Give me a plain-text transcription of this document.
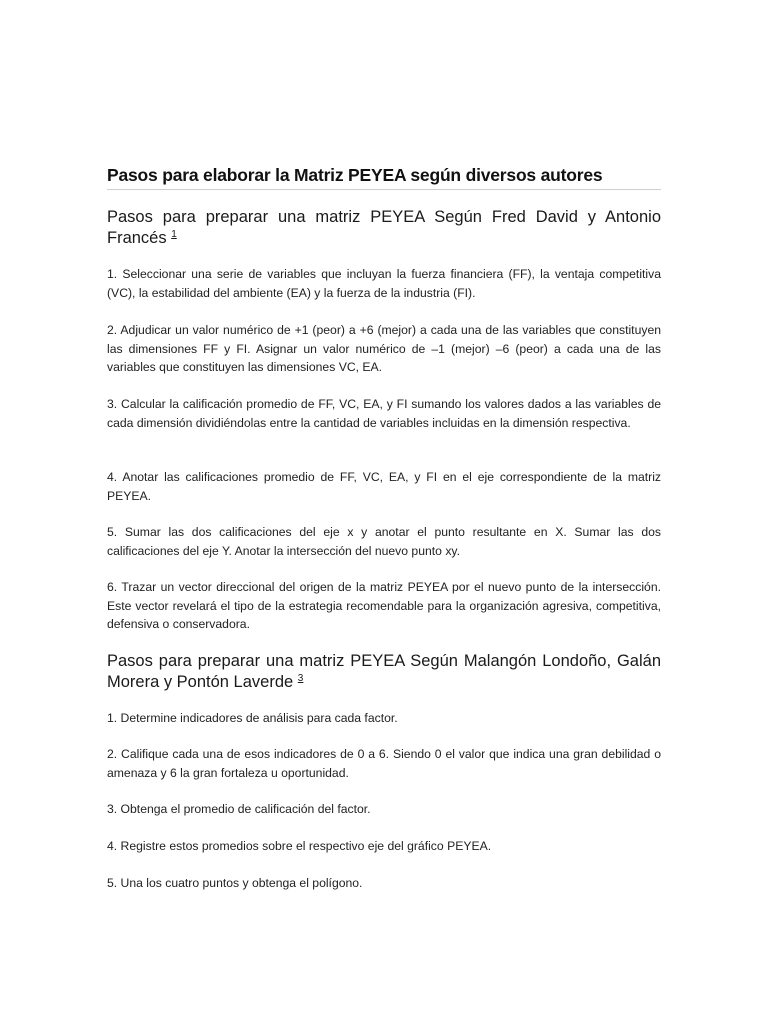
Pasos para elaborar la Matriz PEYEA según diversos autores
Pasos para preparar una matriz PEYEA Según Fred David y Antonio Francés $^1$

1. Seleccionar una serie de variables que incluyan la fuerza financiera (FF), la ventaja competitiva (VC), la estabilidad del ambiente (EA) y la fuerza de la industria (FI).

2. Adjudicar un valor numérico de +1 (peor) a +6 (mejor) a cada una de las variables que constituyen las dimensiones FF y FI. Asignar un valor numérico de –1 (mejor) –6 (peor) a cada una de las variables que constituyen las dimensiones VC, EA.

3. Calcular la calificación promedio de FF, VC, EA, y FI sumando los valores dados a las variables de cada dimensión dividiéndolas entre la cantidad de variables incluidas en la dimensión respectiva.

4. Anotar las calificaciones promedio de FF, VC, EA, y FI en el eje correspondiente de la matriz PEYEA.

5. Sumar las dos calificaciones del eje x y anotar el punto resultante en X. Sumar las dos calificaciones del eje Y. Anotar la intersección del nuevo punto xy.

6. Trazar un vector direccional del origen de la matriz PEYEA por el nuevo punto de la intersección. Este vector revelará el tipo de la estrategia recomendable para la organización agresiva, competitiva, defensiva o conservadora.

Pasos para preparar una matriz PEYEA Según Malangón Londoño, Galán Morera y Pontón Laverde $^3$

1. Determine indicadores de análisis para cada factor.

2. Califique cada una de esos indicadores de 0 a 6. Siendo 0 el valor que indica una gran debilidad o amenaza y 6 la gran fortaleza u oportunidad.

3. Obtenga el promedio de calificación del factor.

4. Registre estos promedios sobre el respectivo eje del gráfico PEYEA.

5. Una los cuatro puntos y obtenga el polígono.
